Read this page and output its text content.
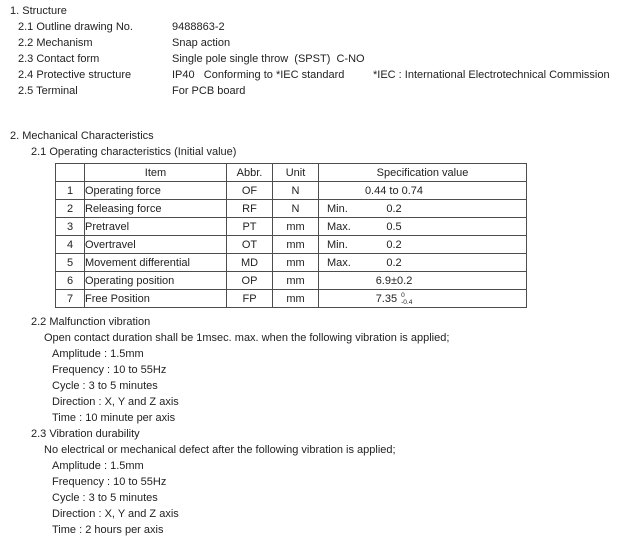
1. Structure
2.1 Outline drawing No.	9488863-2
2.2 Mechanism	Snap action
2.3 Contact form	Single pole single throw  (SPST)  C-NO
2.4 Protective structure	IP40   Conforming to *IEC standard	*IEC : International Electrotechnical Commission
2.5 Terminal	For PCB board
2. Mechanical Characteristics
2.1 Operating characteristics (Initial value)
	Item	Abbr.	Unit	Specification value
1	Operating force	OF	N	0.44 to 0.74

2	Releasing force	RF	N	Min. 0.2

3	Pretravel	PT	mm	Max. 0.5

4	Overtravel	OT	mm	Min. 0.2

5	Movement differential	MD	mm	Max. 0.2

6	Operating position	OP	mm	6.9±0.2

7	Free Position	FP	mm	7.35 0
-0.4
2.2 Malfunction vibration
Open contact duration shall be 1msec. max. when the following vibration is applied;
Amplitude : 1.5mm
Frequency : 10 to 55Hz
Cycle : 3 to 5 minutes
Direction : X, Y and Z axis
Time : 10 minute per axis
2.3 Vibration durability
No electrical or mechanical defect after the following vibration is applied;
Amplitude : 1.5mm
Frequency : 10 to 55Hz
Cycle : 3 to 5 minutes
Direction : X, Y and Z axis
Time : 2 hours per axis
